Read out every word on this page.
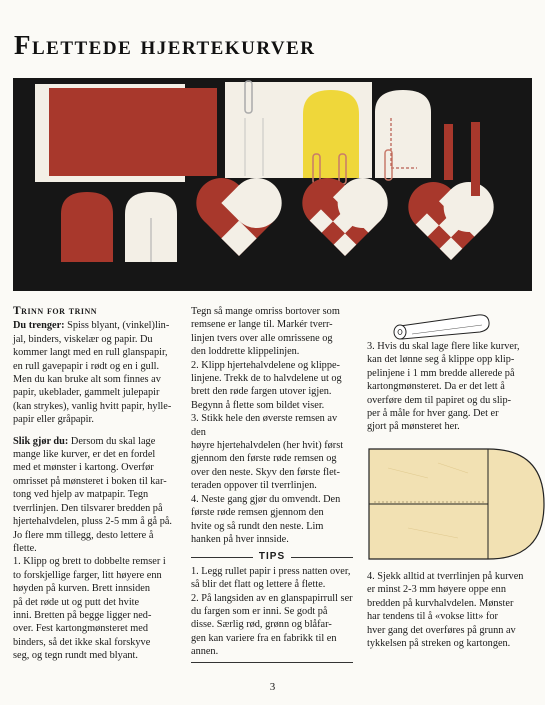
Flettede hjertekurver
Trinn for trinn
Du trenger: Spiss blyant, (vinkel)lin-
jal, binders, viskelær og papir. Du
kommer langt med en rull glanspapir,
en rull gavepapir i rødt og en i gull.
Men du kan bruke alt som finnes av
papir, ukeblader, gammelt julepapir
(kan strykes), vanlig hvitt papir, hylle-
papir eller gråpapir.
Slik gjør du: Dersom du skal lage
mange like kurver, er det en fordel
med et mønster i kartong. Overfør
omrisset på mønsteret i boken til kar-
tong ved hjelp av matpapir. Tegn
tverrlinjen. Den tilsvarer bredden på
hjertehalvdelen, pluss 2-5 mm å gå på.
Jo flere mm tillegg, desto lettere å flette.
1. Klipp og brett to dobbelte remser i
to forskjellige farger, litt høyere enn
høyden på kurven. Brett innsiden
på det røde ut og putt det hvite
inni. Bretten på begge ligger ned-
over. Fest kartongmønsteret med
binders, så det ikke skal forskyve
seg, og tegn rundt med blyant.
Tegn så mange omriss bortover som
remsene er lange til. Markér tverr-
linjen tvers over alle omrissene og
den loddrette klippelinjen.
2. Klipp hjertehalvdelene og klippe-
linjene. Trekk de to halvdelene ut og
brett den røde fargen utover igjen.
Begynn å flette som bildet viser.
3. Stikk hele den øverste remsen av den
høyre hjertehalvdelen (her hvit) først
gjennom den første røde remsen og
over den neste. Skyv den første flet-
teraden oppover til tverrlinjen.
4. Neste gang gjør du omvendt. Den
første røde remsen gjennom den
hvite og så rundt den neste. Lim
hanken på hver innside.
TIPS
1. Legg rullet papir i press natten over,
så blir det flatt og lettere å flette.
2. På langsiden av en glanspapirrull ser
du fargen som er inni. Se godt på
disse. Særlig rød, grønn og blåfar-
gen kan variere fra en fabrikk til en
annen.
3. Hvis du skal lage flere like kurver,
kan det lønne seg å klippe opp klip-
pelinjene i 1 mm bredde allerede på
kartongmønsteret. Da er det lett å
overføre dem til papiret og du slip-
per å måle for hver gang. Det er
gjort på mønsteret her.
4. Sjekk alltid at tverrlinjen på kurven
er minst 2-3 mm høyere oppe enn
bredden på kurvhalvdelen. Mønster
har tendens til å «vokse litt» for
hver gang det overføres på grunn av
tykkelsen på streken og kartongen.
3
